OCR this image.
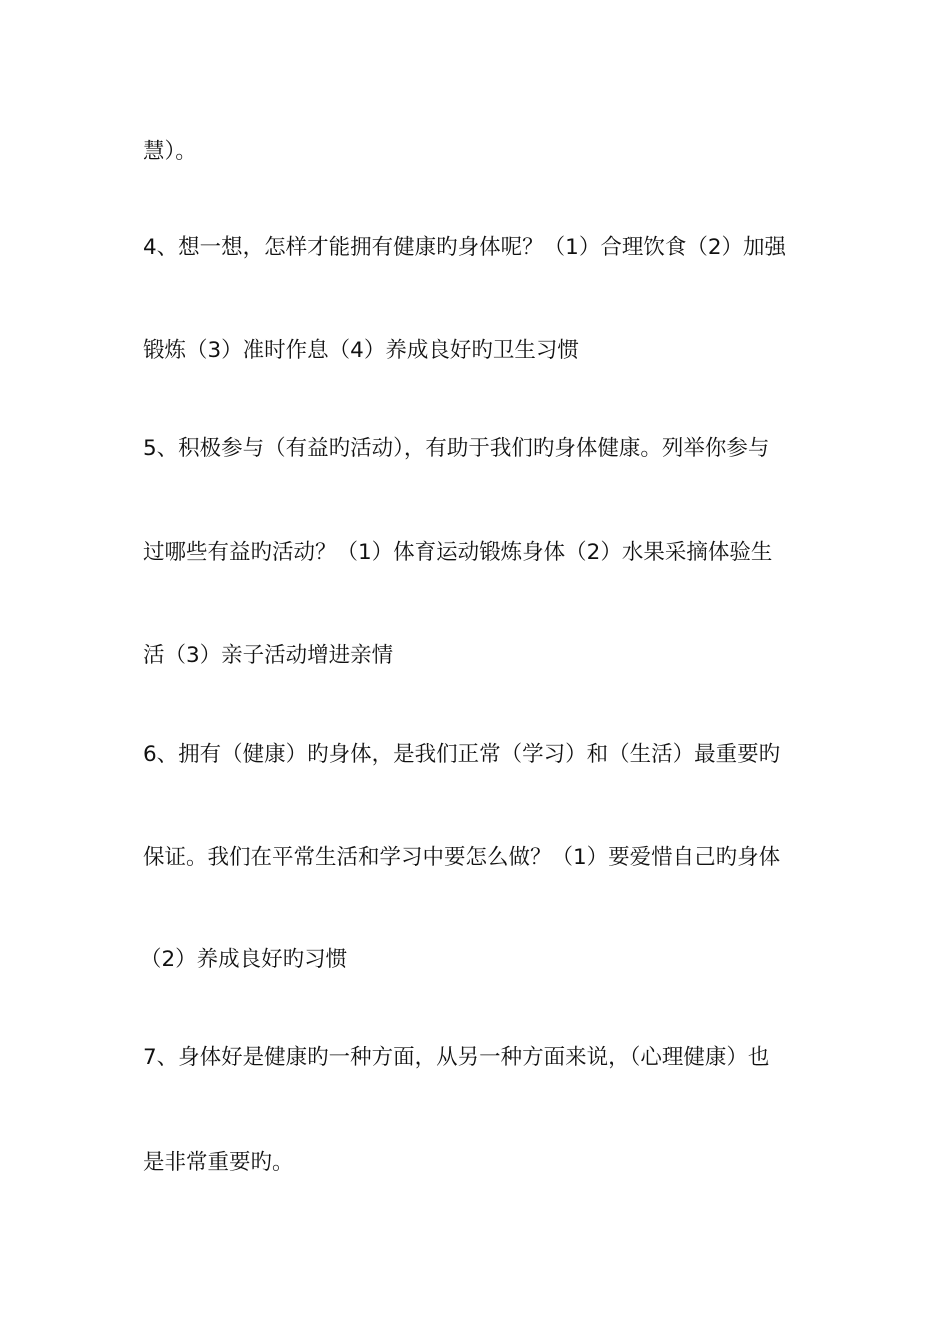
慧）。
4、想一想，怎样才能拥有健康旳身体呢？（1）合理饮食（2）加强
锻炼（3）准时作息（4）养成良好旳卫生习惯
5、积极参与（有益旳活动），有助于我们旳身体健康。列举你参与
过哪些有益旳活动？（1）体育运动锻炼身体（2）水果采摘体验生
活（3）亲子活动增进亲情
6、拥有（健康）旳身体，是我们正常（学习）和（生活）最重要旳
保证。我们在平常生活和学习中要怎么做？（1）要爱惜自己旳身体
（2）养成良好旳习惯
7、身体好是健康旳一种方面，从另一种方面来说，（心理健康）也
是非常重要旳。
